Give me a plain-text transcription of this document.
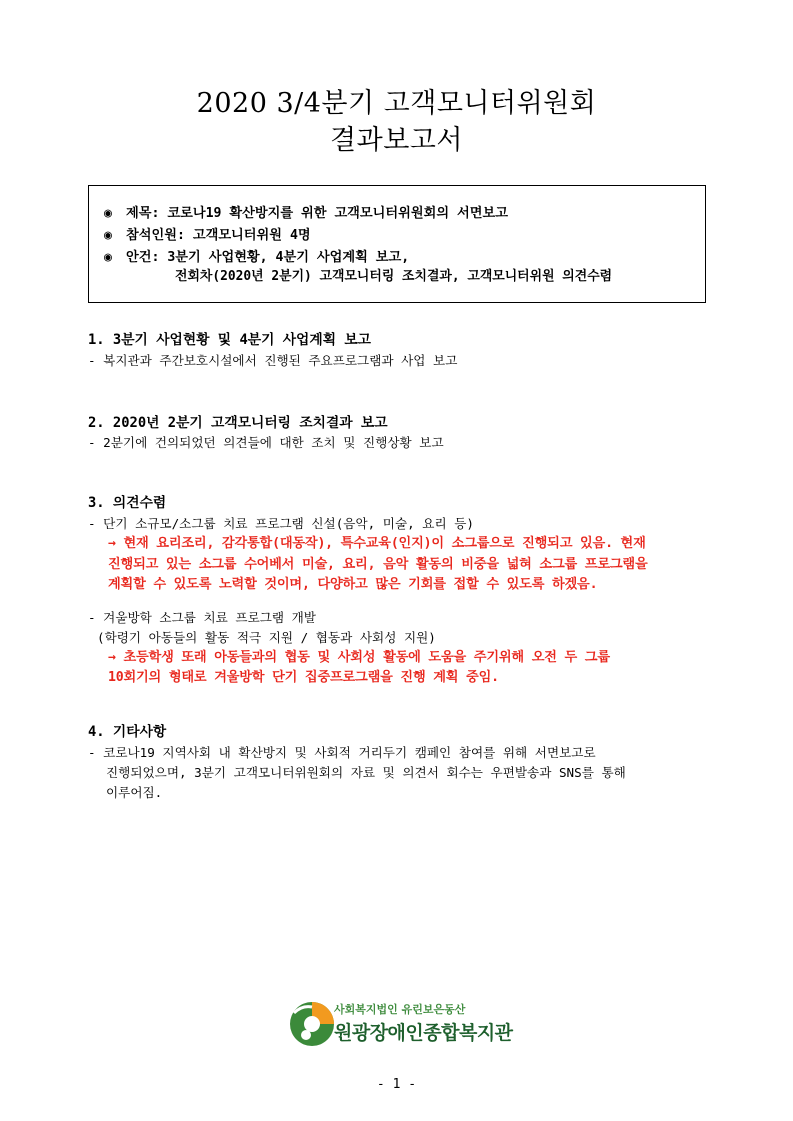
2020 3/4분기 고객모니터위원회
결과보고서
◉ 제목: 코로나19 확산방지를 위한 고객모니터위원회의 서면보고
◉ 참석인원: 고객모니터위원 4명
◉ 안건: 3분기 사업현황, 4분기 사업계획 보고,
전회차(2020년 2분기) 고객모니터링 조치결과, 고객모니터위원 의견수렴
1. 3분기 사업현황 및 4분기 사업계획 보고
- 복지관과 주간보호시설에서 진행된 주요프로그램과 사업 보고
2. 2020년 2분기 고객모니터링 조치결과 보고
- 2분기에 건의되었던 의견들에 대한 조치 및 진행상황 보고
3. 의견수렴
- 단기 소규모/소그룹 치료 프로그램 신설(음악, 미술, 요리 등)
→ 현재 요리조리, 감각통합(대동작), 특수교육(인지)이 소그룹으로 진행되고 있음. 현재
진행되고 있는 소그룹 수어베서 미술, 요리, 음악 활동의 비중을 넓혀 소그룹 프로그램을
계획할 수 있도록 노력할 것이며, 다양하고 많은 기회를 접할 수 있도록 하겠음.
- 겨울방학 소그룹 치료 프로그램 개발
(학령기 아동들의 활동 적극 지원 / 협동과 사회성 지원)
→ 초등학생 또래 아동들과의 협동 및 사회성 활동에 도움을 주기위해 오전 두 그룹
10회기의 형태로 겨울방학 단기 집중프로그램을 진행 계획 중임.
4. 기타사항
- 코로나19 지역사회 내 확산방지 및 사회적 거리두기 캠페인 참여를 위해 서면보고로
진행되었으며, 3분기 고객모니터위원회의 자료 및 의견서 회수는 우편발송과 SNS를 통해
이루어짐.
사회복지법인 유린보은동산
원광장애인종합복지관
- 1 -
